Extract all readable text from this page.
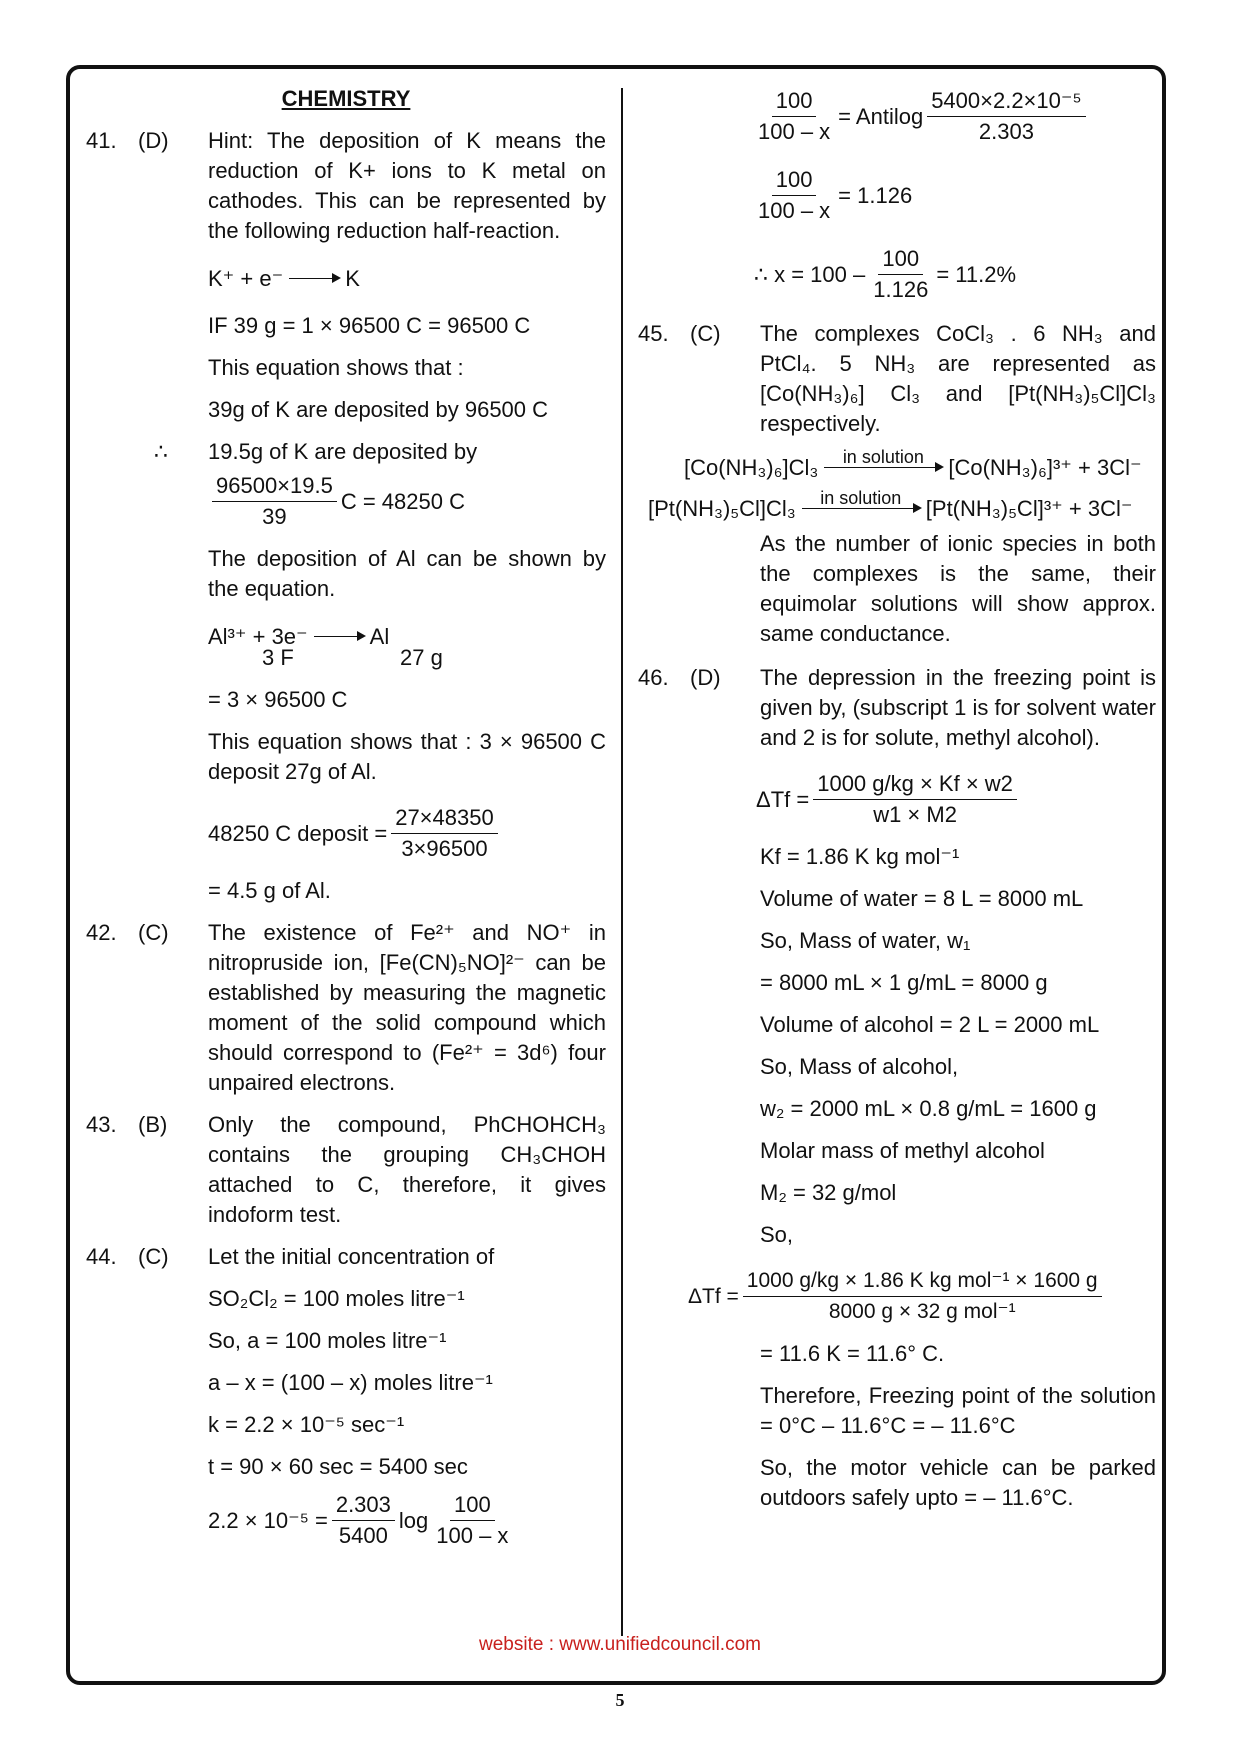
CHEMISTRY
41. (D)	Hint: The deposition of K means the reduction of K+ ions to K metal on cathodes. This can be represented by the following reduction half-reaction.
K⁺ + e⁻

→ K
IF 39 g = 1 × 96500 C = 96500 C
This equation shows that :
39g of K are deposited by 96500 C
∴ 19.5g of K are deposited by
$\frac{96500\times 19.5}{39}$ C = 48250 C
The deposition of Al can be shown by the equation.
Al³⁺ + 3e⁻

→ Al
3 F	27 g
= 3 × 96500 C
This equation shows that : 3 × 96500 C deposit 27g of Al.
48250 C deposit = $\frac{27\times 48350}{3\times 96500}$
= 4.5 g of Al.
42. (C)	The existence of Fe²⁺ and NO⁺ in nitropruside ion, [Fe(CN)₅NO]²⁻ can be established by measuring the magnetic moment of the solid compound which should correspond to (Fe²⁺ = 3d⁶) four unpaired electrons.
43. (B)	Only the compound, PhCHOHCH₃ contains the grouping CH₃CHOH attached to C, therefore, it gives indoform test.
44. (C)	Let the initial concentration of
SO₂Cl₂ = 100 moles litre⁻¹
So, a = 100 moles litre⁻¹
a – x = (100 – x) moles litre⁻¹
k = 2.2 × 10⁻⁵ sec⁻¹
t = 90 × 60 sec = 5400 sec
$2.2 \times 10^{-5} = \frac{2.303}{5400}$ $\log \frac{100}{100 - x}$
$\frac{100}{100 - x}$ = Antilog $\frac{\text{5400×2.2×10⁻⁵}}{2.303}$
$\frac{100}{100 - x} = 1.126$
∴ $x = 100 - \frac{100}{1.126} = 11.2\%$
45. (C)	The complexes CoCl₃ . 6 NH₃ and PtCl₄. 5 NH₃ are represented as [Co(NH₃)₆] Cl₃ and [Pt(NH₃)₅Cl]Cl₃ respectively.
[Co(NH₃)₆]Cl₃ in solution
[Co(NH₃)₆]³⁺ + 3Cl⁻
[Pt(NH₃)₅Cl]Cl₃ in solution
[Pt(NH₃)₅Cl]³⁺ + 3Cl⁻
As the number of ionic species in both the complexes is the same, their equimolar solutions will show approx. same conductance.
46. (D)	The depression in the freezing point is given by, (subscript 1 is for solvent water and 2 is for solute, methyl alcohol).
$\Delta Tf = \frac{1000 g/kg \times Kf \times w2}{w1 \times M2}$
Kf = 1.86 K kg mol⁻¹
Volume of water = 8 L = 8000 mL
So, Mass of water, w₁
= 8000 mL × 1 g/mL = 8000 g
Volume of alcohol = 2 L = 2000 mL
So, Mass of alcohol,
w₂ = 2000 mL × 0.8 g/mL = 1600 g
Molar mass of methyl alcohol
M₂ = 32 g/mol
So,
$\Delta Tf = \frac{\text{1000 g/kg × 1.86 K kg mol⁻¹ × 1600 g}}{\text{8000 g × 32 g mol⁻¹}}$
= 11.6 K = 11.6° C.
Therefore, Freezing point of the solution = 0°C – 11.6°C = – 11.6°C
So, the motor vehicle can be parked outdoors safely upto = – 11.6°C.
website : www.unifiedcouncil.com
5
